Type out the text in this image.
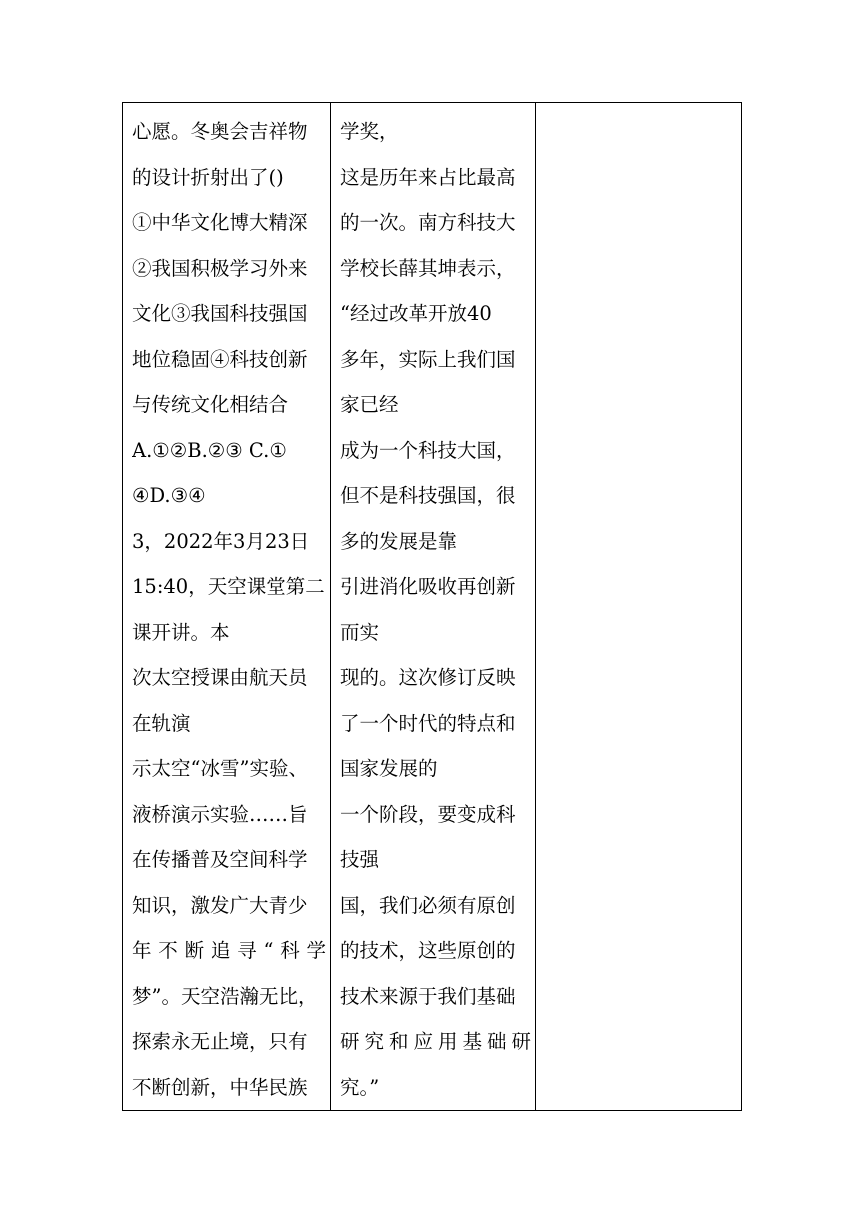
心愿。冬奥会吉祥物
的设计折射出了()
①中华文化博大精深
②我国积极学习外来
文化③我国科技强国
地位稳固④科技创新
与传统文化相结合
A.①②B.②③ C.①
④D.③④
3，2022年3月23日
15:40，天空课堂第二
课开讲。本
次太空授课由航天员
在轨演
示太空“冰雪”实验、
液桥演示实验……旨
在传播普及空间科学
知识，激发广大青少
年不断追寻“科学
梦”。天空浩瀚无比，
探索永无止境，只有
不断创新，中华民族

学奖，
这是历年来占比最高
的一次。南方科技大
学校长薛其坤表示，
“经过改革开放40
多年，实际上我们国
家已经
成为一个科技大国，
但不是科技强国，很
多的发展是靠
引进消化吸收再创新
而实
现的。这次修订反映
了一个时代的特点和
国家发展的
一个阶段，要变成科
技强
国，我们必须有原创
的技术，这些原创的
技术来源于我们基础
研究和应用基础研
究。”
